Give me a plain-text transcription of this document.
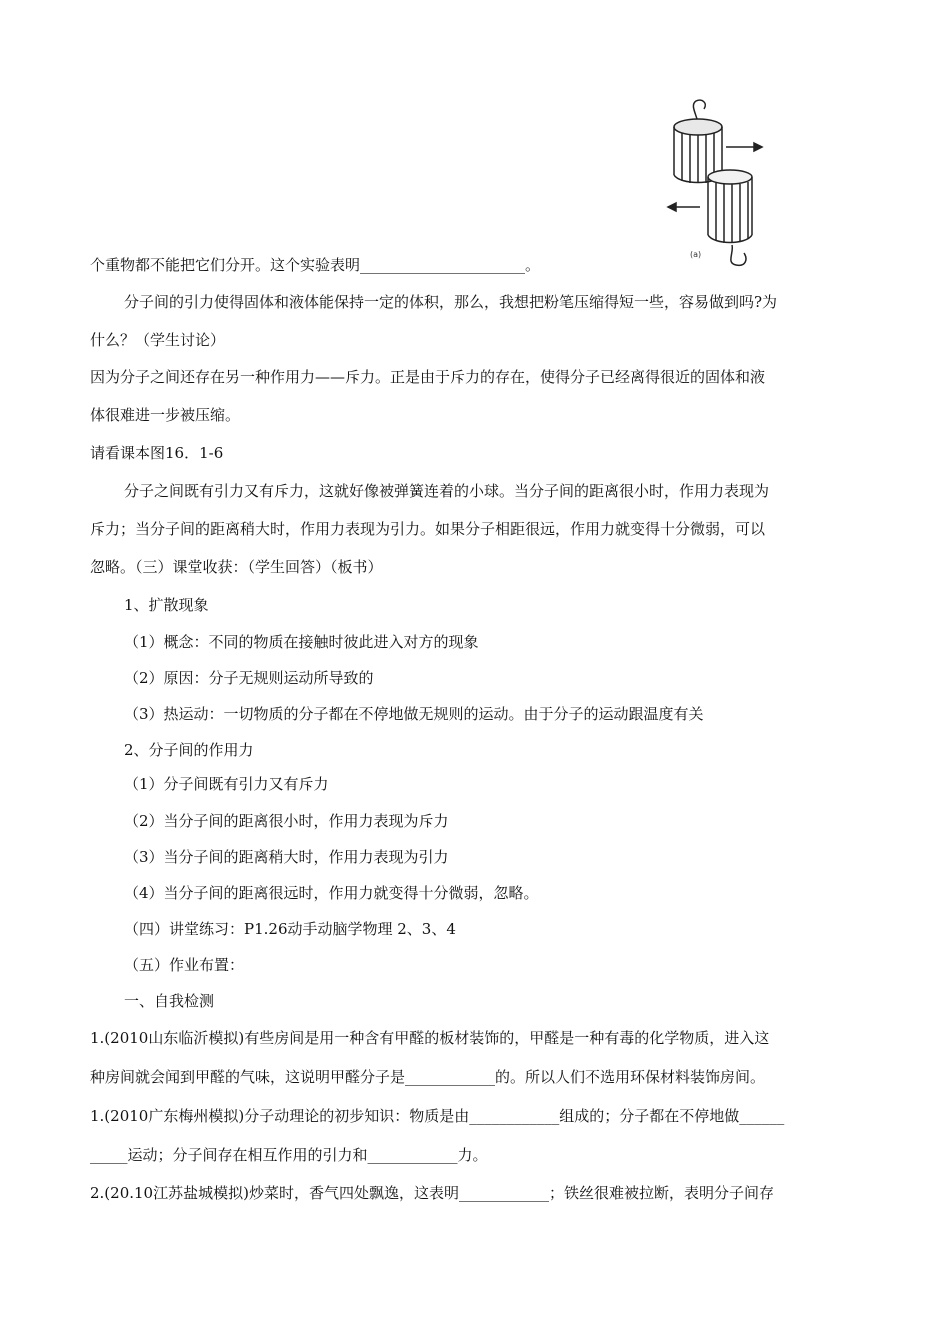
(a)
个重物都不能把它们分开。这个实验表明______________________。
分子间的引力使得固体和液体能保持一定的体积，那么，我想把粉笔压缩得短一些，容易做到吗?为
什么？（学生讨论）
因为分子之间还存在另一种作用力——斥力。正是由于斥力的存在，使得分子已经离得很近的固体和液
体很难进一步被压缩。
请看课本图16．1-6
分子之间既有引力又有斥力，这就好像被弹簧连着的小球。当分子间的距离很小时，作用力表现为
斥力；当分子间的距离稍大时，作用力表现为引力。如果分子相距很远，作用力就变得十分微弱，可以
忽略。（三）课堂收获：（学生回答）（板书）
1、扩散现象
（1）概念：不同的物质在接触时彼此进入对方的现象
（2）原因：分子无规则运动所导致的
（3）热运动：一切物质的分子都在不停地做无规则的运动。由于分子的运动跟温度有关
2、分子间的作用力
（1）分子间既有引力又有斥力
（2）当分子间的距离很小时，作用力表现为斥力
（3）当分子间的距离稍大时，作用力表现为引力
（4）当分子间的距离很远时，作用力就变得十分微弱，忽略。
（四）讲堂练习：P1.26动手动脑学物理 2、3、4
（五）作业布置：
一、自我检测
1.(2010山东临沂模拟)有些房间是用一种含有甲醛的板材装饰的，甲醛是一种有毒的化学物质，进入这
种房间就会闻到甲醛的气味，这说明甲醛分子是____________的。所以人们不选用环保材料装饰房间。
1.(2010广东梅州模拟)分子动理论的初步知识：物质是由____________组成的；分子都在不停地做______
_____运动；分子间存在相互作用的引力和____________力。
2.(20.10江苏盐城模拟)炒菜时，香气四处飘逸，这表明____________；铁丝很难被拉断，表明分子间存
